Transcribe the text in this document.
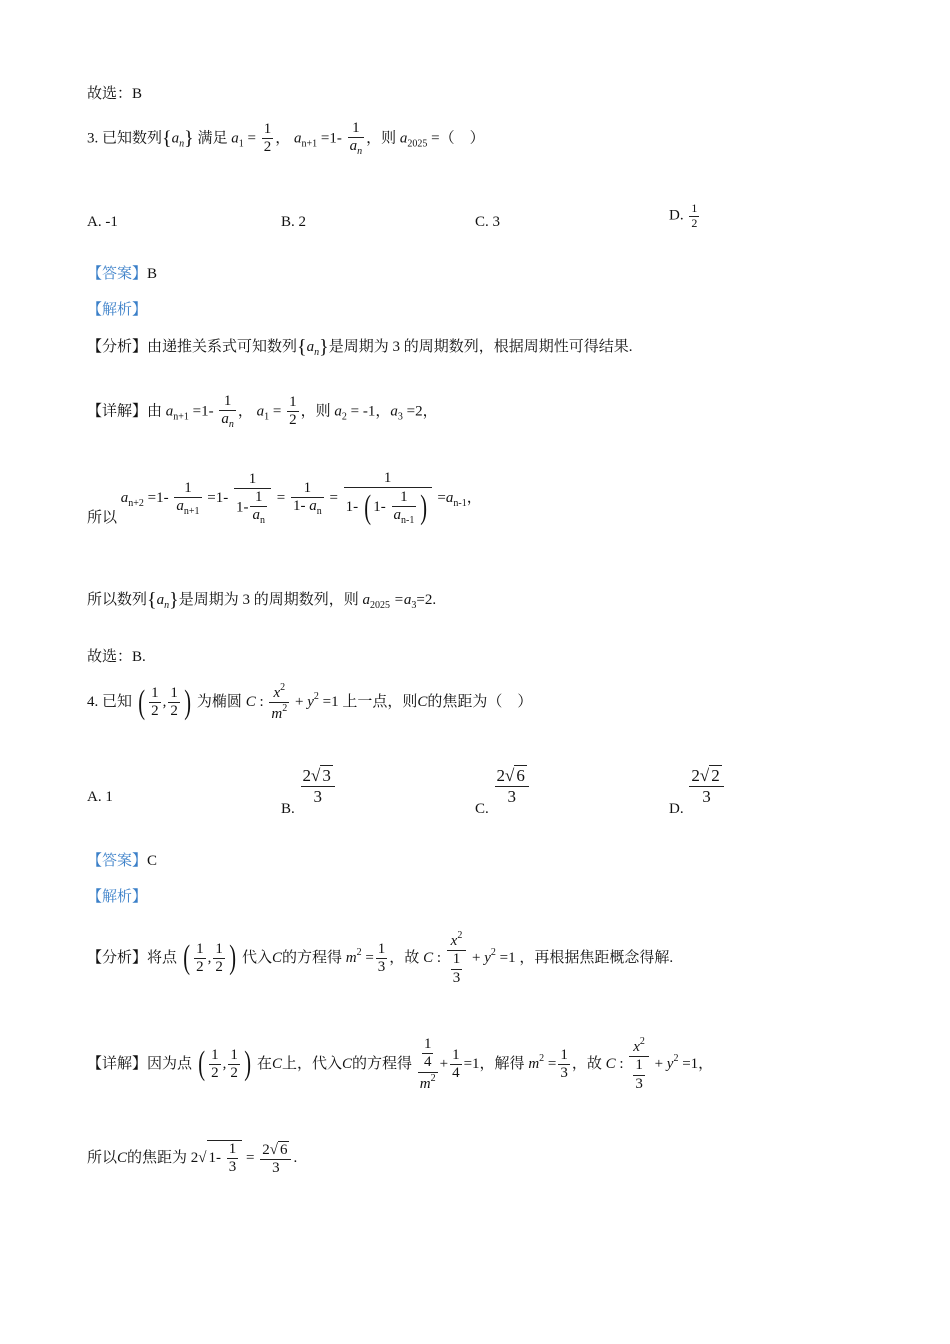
故选：B
3. 已知数列$\{a_n\}$ 满足 $a_1 = \frac{1}{2}$ ， $a_{n+1} =1- \frac{1}{a_n}$ ，则 $a_{2025}$ =（　）
A. -1	B. 2	C. 3	D. $\frac{1}{2}$
【答案】B
【解析】
【分析】由递推关系式可知数列$\{a_n\}$是周期为 3 的周期数列，根据周期性可得结果.
【详解】由 $a_{n+1} =1- \frac{1}{a_n}$ ， $a_1 = \frac{1}{2}$ ，则 $a_2 = -1$，$a_3 =2$，
所以 $a_{n+2} =1- \frac{1}{a_{n+1}} =1- \frac{1}{1- \frac{1}{a_n}} = \frac{1}{1- a_n} = \frac{1}{1- ( 1- \frac{1}{a_{n-1}} )} =a_{n-1}$，
所以数列$\{a_n\}$是周期为 3 的周期数列，则 $a_{2025} =a_3=2$.
故选：B.
4. 已知 ( $\frac{1}{2}$ , $\frac{1}{2}$ ) 为椭圆 C : $\frac{x^2}{m^2} + y^2 =1$ 上一点，则C的焦距为（　）
A. 1
B.
$\frac{2√ 3}{3}$
C.
$\frac{2√ 6}{3}$
D.
$\frac{2√ 2}{3}$
【答案】C
【解析】
【分析】将点 ( $\frac{1}{2}$ , $\frac{1}{2}$ ) 代入C的方程得 $m^2 = \frac{1}{3}$ ，故 C : $\frac{x^2}{\frac{1}{3}} + y^2 =1$ ，再根据焦距概念得解.
【详解】因为点 ( $\frac{1}{2}$ , $\frac{1}{2}$ ) 在C上，代入C的方程得 $\frac{\frac{1}{4}}{m^2} + \frac{1}{4} =1$，解得 $m^2 = \frac{1}{3}$ ，故 C : $\frac{x^2}{\frac{1}{3}} + y^2 =1$，
所以C的焦距为 2√ $1- \frac{1}{3} = \frac{2√ 6}{3}$ .
